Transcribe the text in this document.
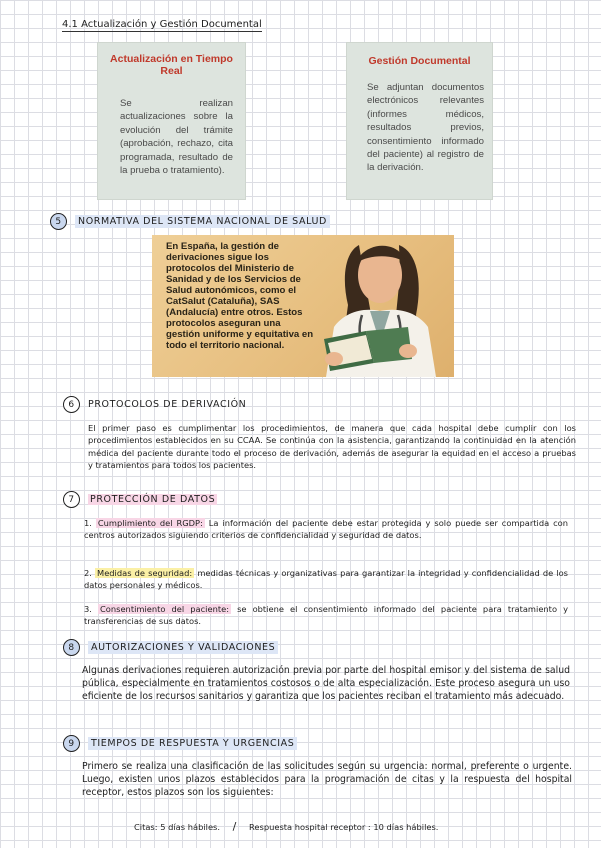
4.1 Actualización y Gestión Documental
Actualización en Tiempo Real
Se realizan actualizaciones sobre la evolución del trámite (aprobación, rechazo, cita programada, resultado de la prueba o tratamiento).
Gestión Documental
Se adjuntan documentos electrónicos relevantes (informes médicos, resultados previos, consentimiento informado del paciente) al registro de la derivación.
5	NORMATIVA DEL SISTEMA NACIONAL DE SALUD
En España, la gestión de derivaciones sigue los protocolos del Ministerio de Sanidad y de los Servicios de Salud autonómicos, como el CatSalut (Cataluña), SAS (Andalucía) entre otros. Estos protocolos aseguran una gestión uniforme y equitativa en todo el territorio nacional.
6	PROTOCOLOS DE DERIVACIÓN
El primer paso es cumplimentar los procedimientos, de manera que cada hospital debe cumplir con los procedimientos establecidos en su CCAA. Se continúa con la asistencia, garantizando la continuidad en la atención médica del paciente durante todo el proceso de derivación, además de asegurar la equidad en el acceso a pruebas y tratamientos para todos los pacientes.
7	PROTECCIÓN DE DATOS
1. Cumplimiento del RGDP: La información del paciente debe estar protegida y solo puede ser compartida con centros autorizados siguiendo criterios de confidencialidad y seguridad de datos.
2. Medidas de seguridad: medidas técnicas y organizativas para garantizar la integridad y confidencialidad de los datos personales y médicos.
3. Consentimiento del paciente: se obtiene el consentimiento informado del paciente para tratamiento y transferencias de sus datos.
8	AUTORIZACIONES Y VALIDACIONES
Algunas derivaciones requieren autorización previa por parte del hospital emisor y del sistema de salud pública, especialmente en tratamientos costosos o de alta especialización. Este proceso asegura un uso eficiente de los recursos sanitarios y garantiza que los pacientes reciban el tratamiento más adecuado.
9	TIEMPOS DE RESPUESTA Y URGENCIAS
Primero se realiza una clasificación de las solicitudes según su urgencia: normal, preferente o urgente. Luego, existen unos plazos establecidos para la programación de citas y la respuesta del hospital receptor, estos plazos son los siguientes:
Citas: 5 días hábiles. / Respuesta hospital receptor : 10 días hábiles.
